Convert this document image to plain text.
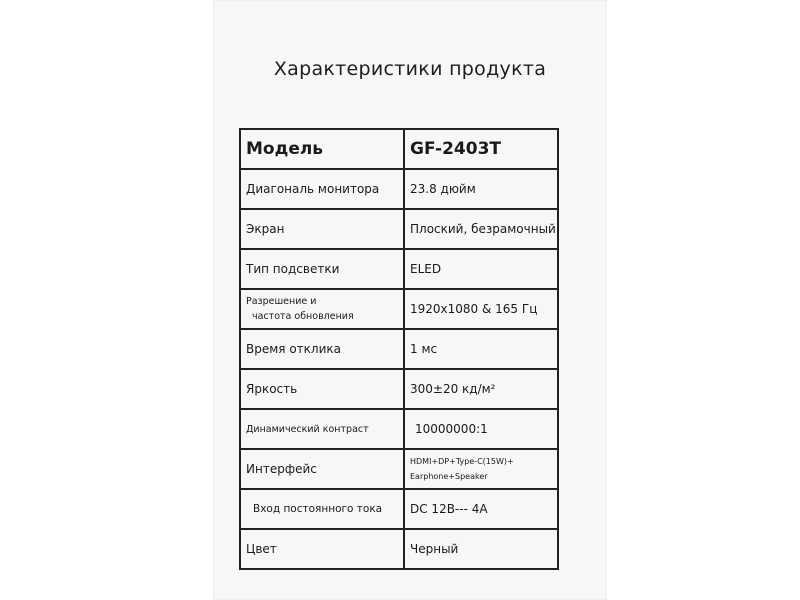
Характеристики продукта
Модель	GF-2403T
Диагональ монитора	23.8 дюйм
Экран	Плоский, безрамочный
Тип подсветки	ELED

Разрешение и
частота обновления	1920x1080 & 165 Гц
Время отклика	1 мс
Яркость	300±20 кд/м²
Динамический контраст	10000000:1
Интерфейс	HDMI+DP+Type-C(15W)+
Earphone+Speaker

Вход постоянного тока	DC 12В--- 4А
Цвет	Черный
